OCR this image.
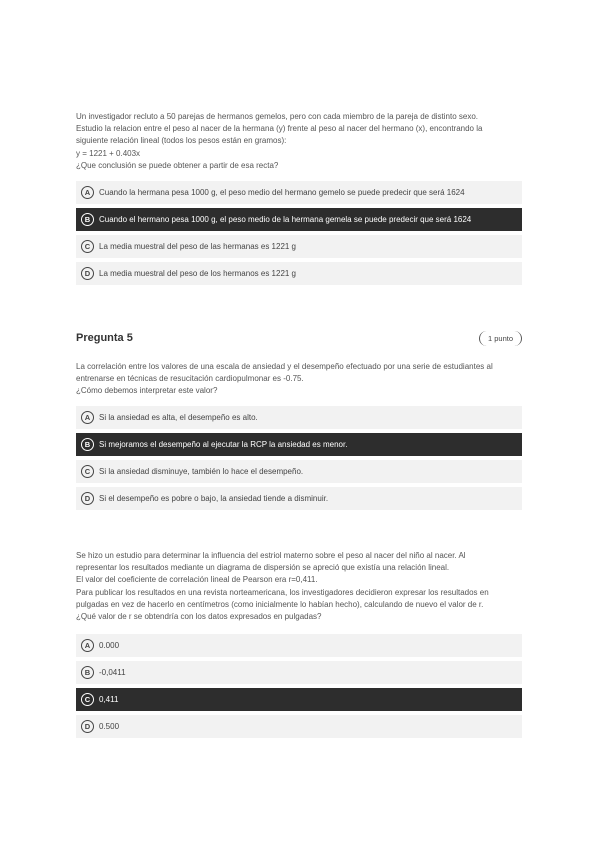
Un investigador recluto a 50 parejas de hermanos gemelos, pero con cada miembro de la pareja de distinto sexo.

Estudio la relacion entre el peso al nacer de la hermana (y) frente al peso al nacer del hermano (x), encontrando la

siguiente relación lineal (todos los pesos están en gramos):

y = 1221 + 0.403x

¿Que conclusión se puede obtener a partir de esa recta?

A	Cuando la hermana pesa 1000 g, el peso medio del hermano gemelo se puede predecir que será 1624
B	Cuando el hermano pesa 1000 g, el peso medio de la hermana gemela se puede predecir que será 1624
C	La media muestral del peso de las hermanas es 1221 g
D	La media muestral del peso de los hermanos es 1221 g
Pregunta 5	1 punto

La correlación entre los valores de una escala de ansiedad y el desempeño efectuado por una serie de estudiantes al

entrenarse en técnicas de resucitación cardiopulmonar es -0.75.

¿Cómo debemos interpretar este valor?

A	Si la ansiedad es alta, el desempeño es alto.
B	Si mejoramos el desempeño al ejecutar la RCP la ansiedad es menor.
C	Si la ansiedad disminuye, también lo hace el desempeño.
D	Si el desempeño es pobre o bajo, la ansiedad tiende a disminuir.

Se hizo un estudio para determinar la influencia del estriol materno sobre el peso al nacer del niño al nacer. Al

representar los resultados mediante un diagrama de dispersión se apreció que existía una relación lineal.

El valor del coeficiente de correlación lineal de Pearson era r=0,411.

Para publicar los resultados en una revista norteamericana, los investigadores decidieron expresar los resultados en

pulgadas en vez de hacerlo en centímetros (como inicialmente lo habían hecho), calculando de nuevo el valor de r.

¿Qué valor de r se obtendría con los datos expresados en pulgadas?

A	0.000
B	-0,0411
C	0,411
D	0.500
